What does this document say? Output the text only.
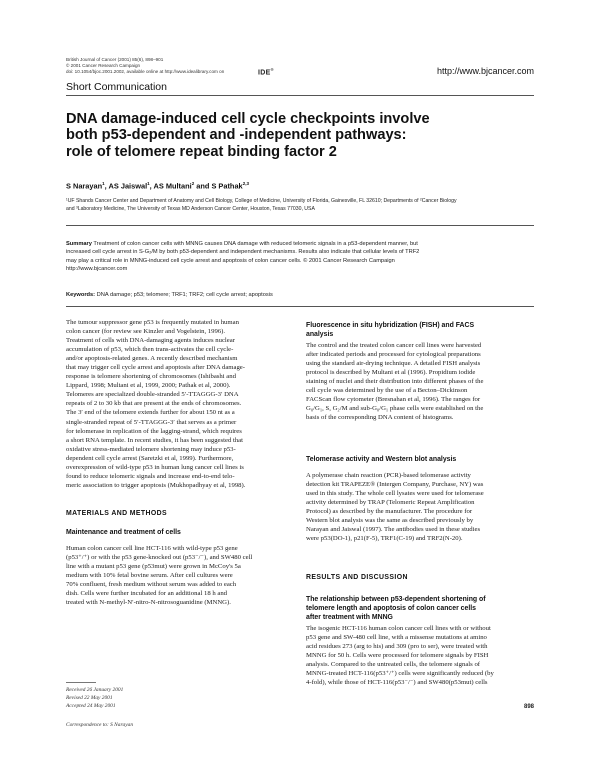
British Journal of Cancer (2001) 85(6), 898–901
© 2001 Cancer Research Campaign
doi: 10.1054/bjoc.2001.2002, available online at http://www.idealibrary.com on	IDE®	http://www.bjcancer.com
Short Communication
DNA damage-induced cell cycle checkpoints involve
both p53-dependent and -independent pathways:
role of telomere repeat binding factor 2
S Narayan$^1$, AS Jaiswal$^1$, AS Multani$^2$ and S Pathak$^{2,3}$
¹UF Shands Cancer Center and Department of Anatomy and Cell Biology, College of Medicine, University of Florida, Gainesville, FL 32610; Departments of ²Cancer Biology
and ³Laboratory Medicine, The University of Texas MD Anderson Cancer Center, Houston, Texas 77030, USA
Summary Treatment of colon cancer cells with MNNG causes DNA damage with reduced telomeric signals in a p53-dependent manner, but
increased cell cycle arrest in S-G₂/M by both p53-dependent and independent mechanisms. Results also indicate that cellular levels of TRF2
may play a critical role in MNNG-induced cell cycle arrest and apoptosis of colon cancer cells. © 2001 Cancer Research Campaign
http://www.bjcancer.com
Keywords: DNA damage; p53; telomere; TRF1; TRF2; cell cycle arrest; apoptosis
The tumour suppressor gene p53 is frequently mutated in human
colon cancer (for review see Kinzler and Vogelstein, 1996).
Treatment of cells with DNA-damaging agents induces nuclear
accumulation of p53, which then trans-activates the cell cycle-
and/or apoptosis-related genes. A recently described mechanism
that may trigger cell cycle arrest and apoptosis after DNA damage-
response is telomere shortening of chromosomes (Ishibashi and
Lippard, 1998; Multani et al, 1999, 2000; Pathak et al, 2000).
Telomeres are specialized double-stranded 5′-TTAGGG-3′ DNA
repeats of 2 to 30 kb that are present at the ends of chromosomes.
The 3′ end of the telomere extends further for about 150 nt as a
single-stranded repeat of 5′-TTAGGG-3′ that serves as a primer
for telomerase in replication of the lagging-strand, which requires
a short RNA template. In recent studies, it has been suggested that
oxidative stress-mediated telomere shortening may induce p53-
dependent cell cycle arrest (Saretzki et al, 1999). Furthermore,
overexpression of wild-type p53 in human lung cancer cell lines is
found to reduce telomeric signals and increase end-to-end telo-
meric association to trigger apoptosis (Mukhopadhyay et al, 1998).
MATERIALS AND METHODS
Maintenance and treatment of cells
Human colon cancer cell line HCT-116 with wild-type p53 gene
(p53⁺/⁺) or with the p53 gene-knocked out (p53⁻/⁻), and SW480 cell
line with a mutant p53 gene (p53mut) were grown in McCoy's 5a
medium with 10% fetal bovine serum. After cell cultures were
70% confluent, fresh medium without serum was added to each
dish. Cells were further incubated for an additional 18 h and
treated with N-methyl-N′-nitro-N-nitrosoguanidine (MNNG).
Received 26 January 2001
Revised 22 May 2001
Accepted 24 May 2001
Correspondence to: S Narayan
Fluorescence in situ hybridization (FISH) and FACS
analysis
The control and the treated colon cancer cell lines were harvested
after indicated periods and processed for cytological preparations
using the standard air-drying technique. A detailed FISH analysis
protocol is described by Multani et al (1996). Propidium iodide
staining of nuclei and their distribution into different phases of the
cell cycle was determined by the use of a Becton–Dickinson
FACScan flow cytometer (Bresnahan et al, 1996). The ranges for
G₀/G₁, S, G₂/M and sub-G₀/G₁ phase cells were established on the
basis of the corresponding DNA content of histograms.
Telomerase activity and Western blot analysis
A polymerase chain reaction (PCR)-based telomerase activity
detection kit TRAPEZE® (Intergen Company, Purchase, NY) was
used in this study. The whole cell lysates were used for telomerase
activity determined by TRAP (Telomeric Repeat Amplification
Protocol) as described by the manufacturer. The procedure for
Western blot analysis was the same as described previously by
Narayan and Jaiswal (1997). The antibodies used in these studies
were p53(DO-1), p21(F-5), TRF1(C-19) and TRF2(N-20).
RESULTS AND DISCUSSION
The relationship between p53-dependent shortening of
telomere length and apoptosis of colon cancer cells
after treatment with MNNG
The isogenic HCT-116 human colon cancer cell lines with or without
p53 gene and SW-480 cell line, with a missense mutations at amino
acid residues 273 (arg to his) and 309 (pro to ser), were treated with
MNNG for 50 h. Cells were processed for telomere signals by FISH
analysis. Compared to the untreated cells, the telomere signals of
MNNG-treated HCT-116(p53⁺/⁺) cells were significantly reduced (by
4-fold), while those of HCT-116(p53⁻/⁻) and SW480(p53mut) cells
898
